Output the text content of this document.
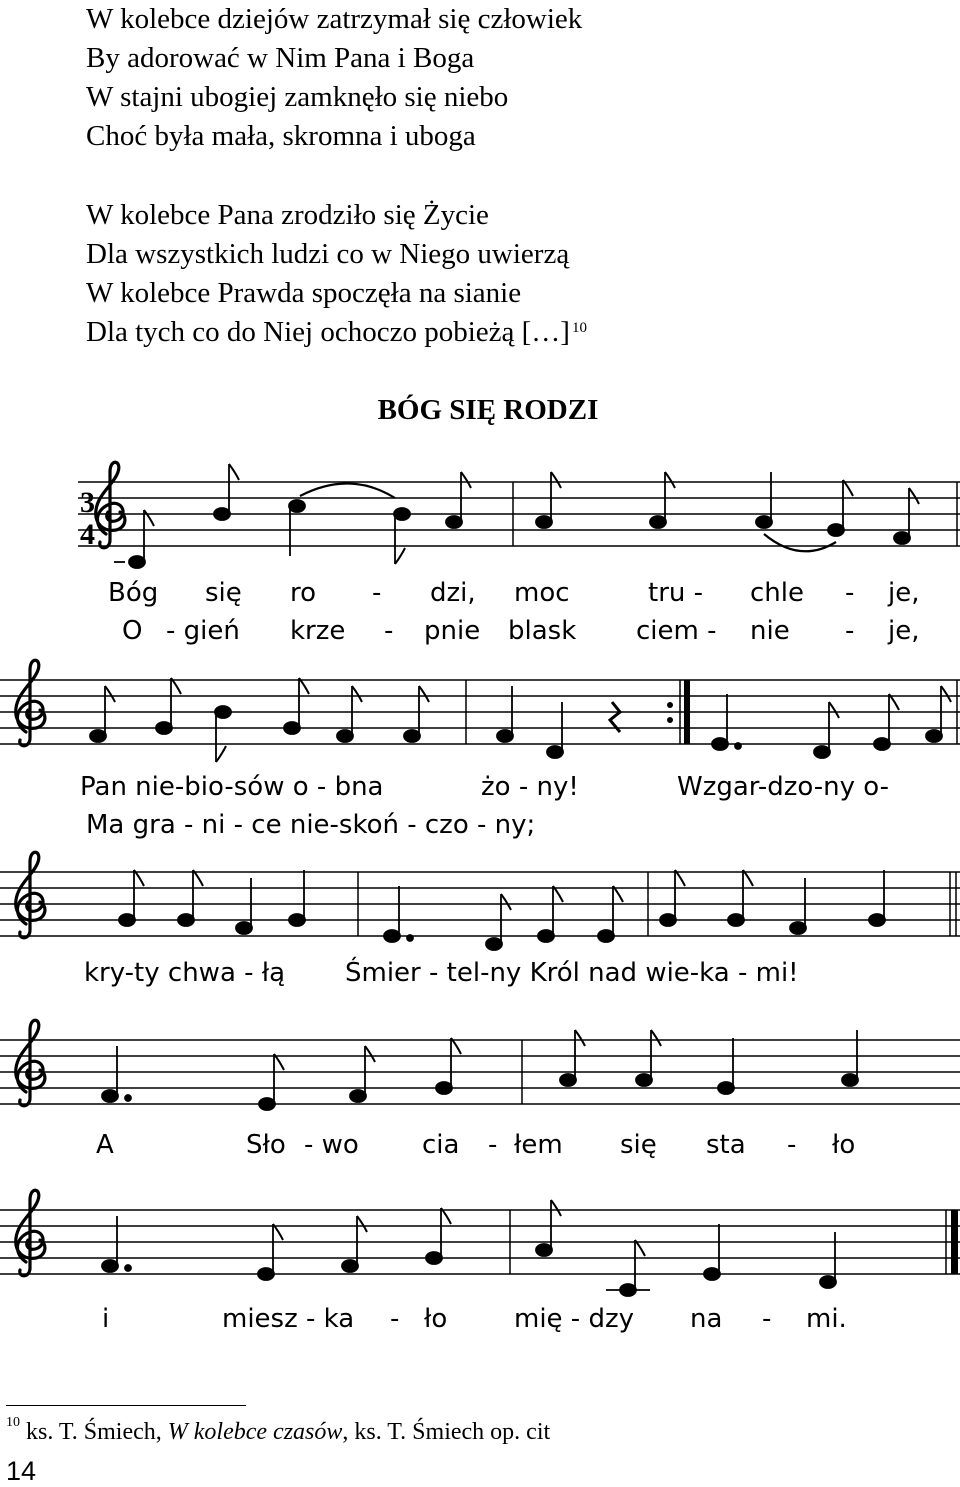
W kolebce dziejów zatrzymał się człowiek
By adorować w Nim Pana i Boga
W stajni ubogiej zamknęło się niebo
Choć była mała, skromna i uboga
W kolebce Pana zrodziło się Życie
Dla wszystkich ludzi co w Niego uwierzą
W kolebce Prawda spoczęła na sianie
Dla tych co do Niej ochoczo pobieżą […] $^{10}$
BÓG SIĘ RODZI
3
4
Bóg się ro - dzi, moc	tru - chle - je,
O - gień krze - pnie blask ciem - nie - je,
Pan nie-bio-sów o - bna	żo - ny!	Wzgar-dzo-ny o-
Ma gra - ni - ce nie-skoń - czo - ny;
kry-ty chwa - łą Śmier - tel-ny Król nad wie-ka - mi!
A	Sło - wo cia - łem się sta - ło
i	miesz - ka - ło	mię - dzy na - mi.
$^{10}$ ks. T. Śmiech, W kolebce czasów, ks. T. Śmiech op. cit
14
